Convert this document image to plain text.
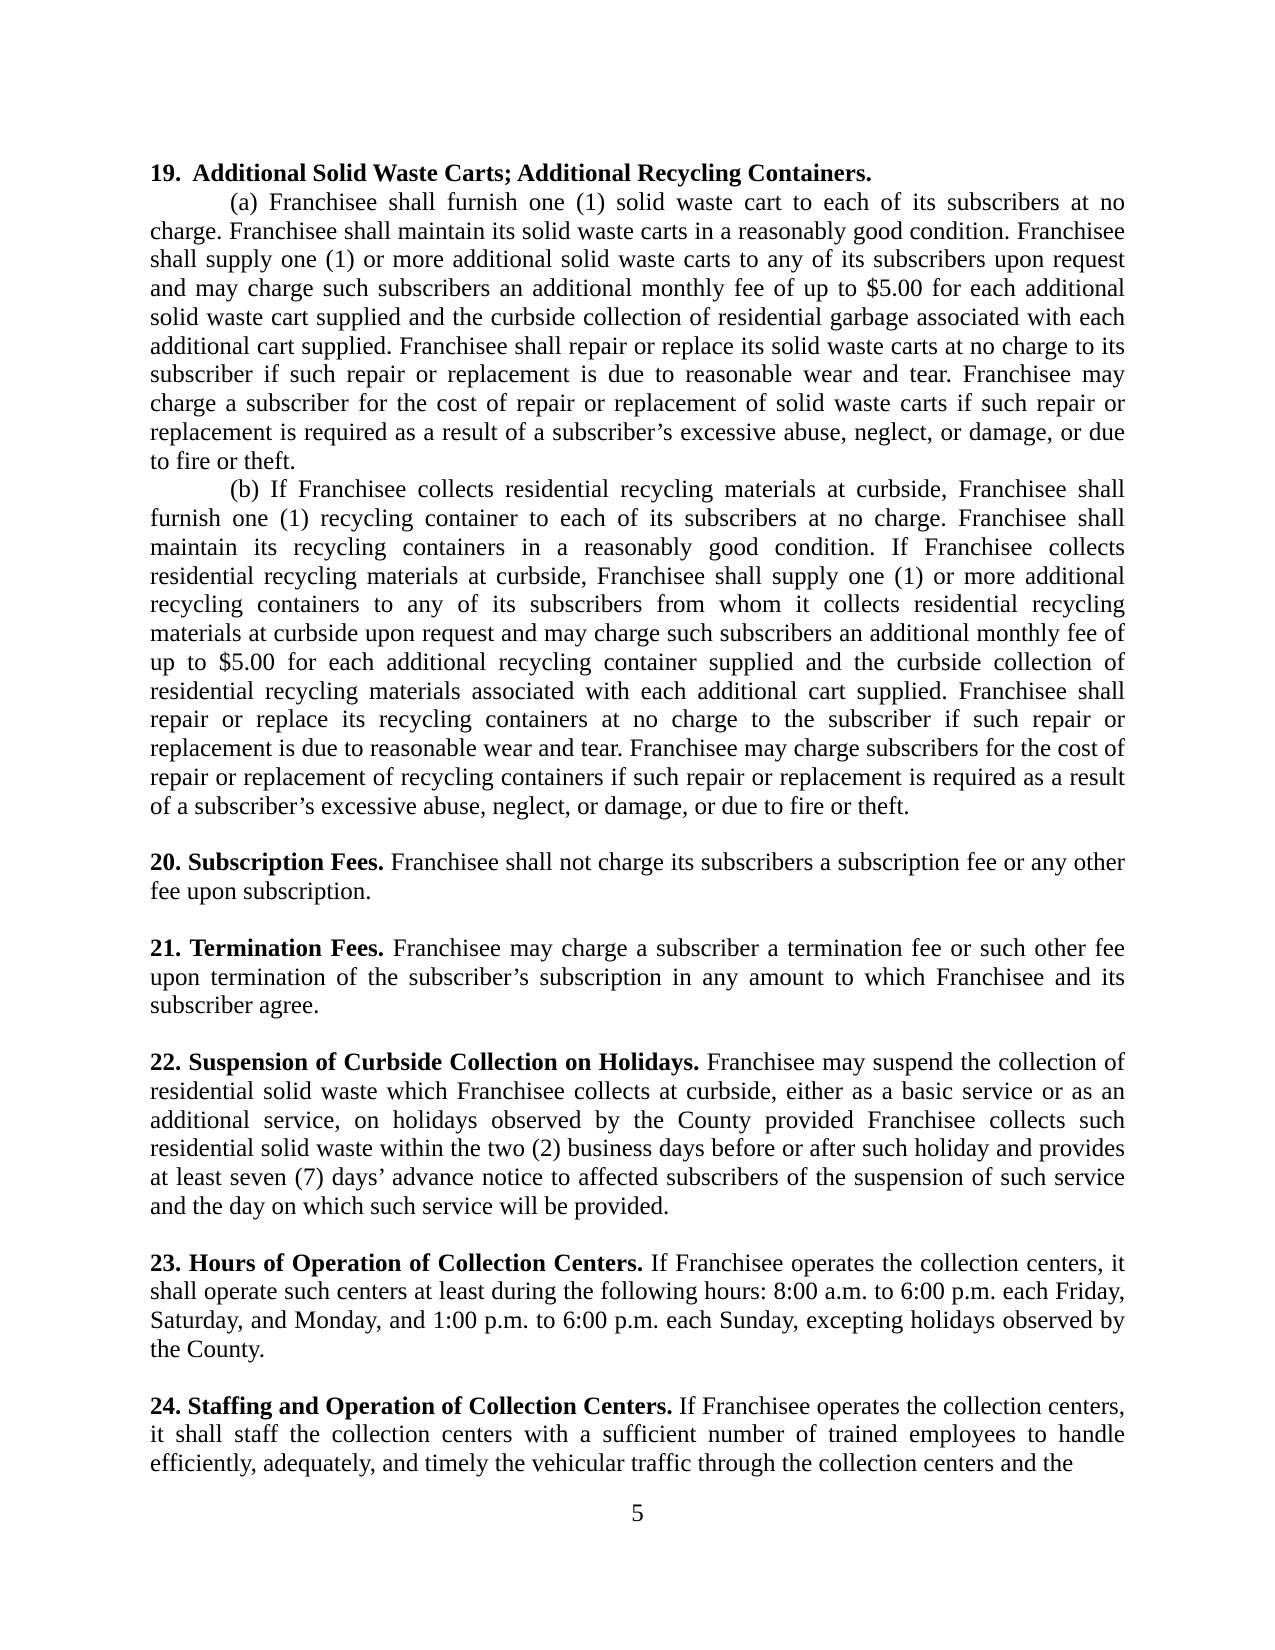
19.  Additional Solid Waste Carts; Additional Recycling Containers.

(a) Franchisee shall furnish one (1) solid waste cart to each of its subscribers at no charge. Franchisee shall maintain its solid waste carts in a reasonably good condition. Franchisee shall supply one (1) or more additional solid waste carts to any of its subscribers upon request and may charge such subscribers an additional monthly fee of up to $5.00 for each additional solid waste cart supplied and the curbside collection of residential garbage associated with each additional cart supplied. Franchisee shall repair or replace its solid waste carts at no charge to its subscriber if such repair or replacement is due to reasonable wear and tear. Franchisee may charge a subscriber for the cost of repair or replacement of solid waste carts if such repair or replacement is required as a result of a subscriber’s excessive abuse, neglect, or damage, or due to fire or theft.

(b) If Franchisee collects residential recycling materials at curbside, Franchisee shall furnish one (1) recycling container to each of its subscribers at no charge. Franchisee shall maintain its recycling containers in a reasonably good condition. If Franchisee collects residential recycling materials at curbside, Franchisee shall supply one (1) or more additional recycling containers to any of its subscribers from whom it collects residential recycling materials at curbside upon request and may charge such subscribers an additional monthly fee of up to $5.00 for each additional recycling container supplied and the curbside collection of residential recycling materials associated with each additional cart supplied. Franchisee shall repair or replace its recycling containers at no charge to the subscriber if such repair or replacement is due to reasonable wear and tear. Franchisee may charge subscribers for the cost of repair or replacement of recycling containers if such repair or replacement is required as a result of a subscriber’s excessive abuse, neglect, or damage, or due to fire or theft.

20. Subscription Fees. Franchisee shall not charge its subscribers a subscription fee or any other fee upon subscription.

21. Termination Fees. Franchisee may charge a subscriber a termination fee or such other fee upon termination of the subscriber’s subscription in any amount to which Franchisee and its subscriber agree.

22. Suspension of Curbside Collection on Holidays. Franchisee may suspend the collection of residential solid waste which Franchisee collects at curbside, either as a basic service or as an additional service, on holidays observed by the County provided Franchisee collects such residential solid waste within the two (2) business days before or after such holiday and provides at least seven (7) days’ advance notice to affected subscribers of the suspension of such service and the day on which such service will be provided.

23. Hours of Operation of Collection Centers. If Franchisee operates the collection centers, it shall operate such centers at least during the following hours: 8:00 a.m. to 6:00 p.m. each Friday, Saturday, and Monday, and 1:00 p.m. to 6:00 p.m. each Sunday, excepting holidays observed by the County.

24. Staffing and Operation of Collection Centers. If Franchisee operates the collection centers, it shall staff the collection centers with a sufficient number of trained employees to handle efficiently, adequately, and timely the vehicular traffic through the collection centers and the

5
